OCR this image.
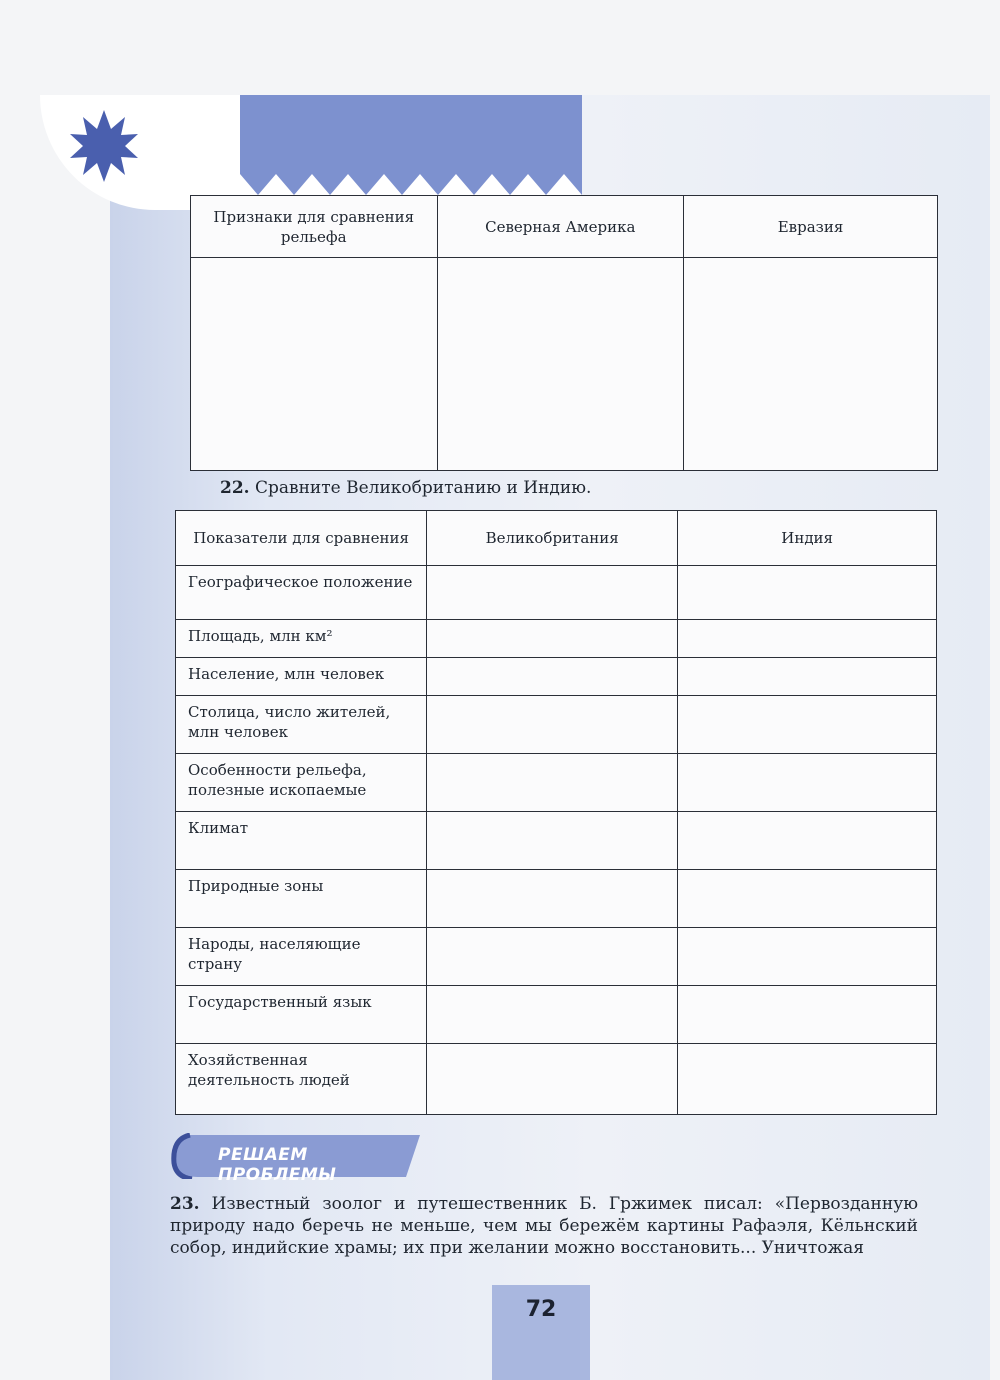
Признаки для сравнения рельефа	Северная Америка	Евразия

22. Сравните Великобританию и Индию.
Показатели для сравнения	Великобритания	Индия
Географическое положение		
Площадь, млн км²		
Население, млн человек		
Столица, число жителей, млн человек		
Особенности рельефа, полезные ископаемые		
Климат		
Природные зоны		
Народы, населяющие страну		
Государственный язык		
Хозяйственная деятельность людей		
РЕШАЕМ ПРОБЛЕМЫ
23. Известный зоолог и путешественник Б. Гржимек писал: «Первозданную природу надо беречь не меньше, чем мы бережём картины Рафаэля, Кёльнский собор, индийские храмы; их при желании можно восстановить... Уничтожая
72
